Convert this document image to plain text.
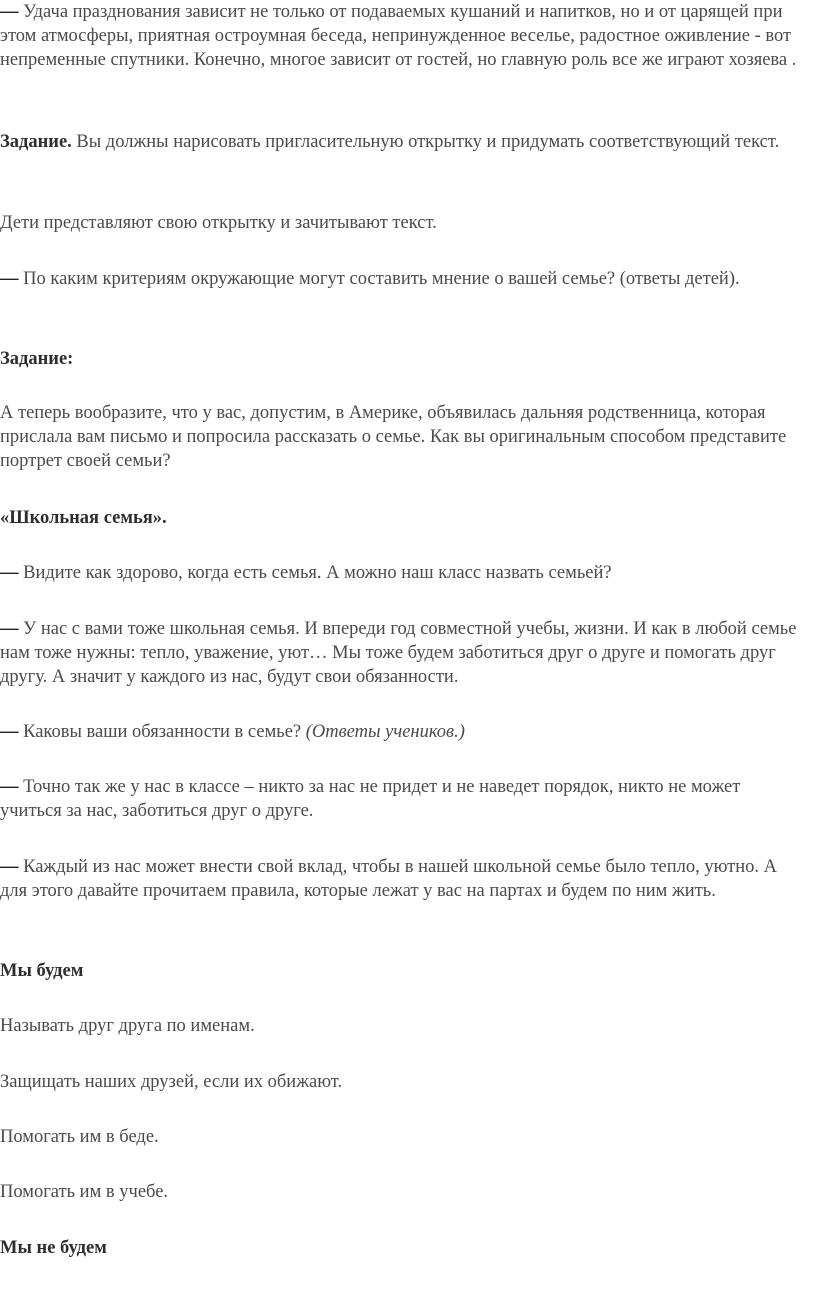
— Удача празднования зависит не только от подаваемых кушаний и напитков, но и от царящей при этом атмосферы, приятная остроумная беседа, непринужденное веселье, радостное оживление - вот непременные спутники. Конечно, многое зависит от гостей, но главную роль все же играют хозяева .

Задание. Вы должны нарисовать пригласительную открытку и придумать соответствующий текст.

Дети представляют свою открытку и зачитывают текст.

— По каким критериям окружающие могут составить мнение о вашей семье? (ответы детей).

Задание:

А теперь вообразите, что у вас, допустим, в Америке, объявилась дальняя родственница, которая прислала вам письмо и попросила рассказать о семье. Как вы оригинальным способом представите портрет своей семьи?

«Школьная семья».

— Видите как здорово, когда есть семья. А можно наш класс назвать семьей?

— У нас с вами тоже школьная семья. И впереди год совместной учебы, жизни. И как в любой семье нам тоже нужны: тепло, уважение, уют… Мы тоже будем заботиться друг о друге и помогать друг другу. А значит у каждого из нас, будут свои обязанности.

— Каковы ваши обязанности в семье? (Ответы учеников.)

— Точно так же у нас в классе – никто за нас не придет и не наведет порядок, никто не может учиться за нас, заботиться друг о друге.

— Каждый из нас может внести свой вклад, чтобы в нашей школьной семье было тепло, уютно. А для этого давайте прочитаем правила, которые лежат у вас на партах и будем по ним жить.

Мы будем

Называть друг друга по именам.

Защищать наших друзей, если их обижают.

Помогать им в беде.

Помогать им в учебе.

Мы не будем
